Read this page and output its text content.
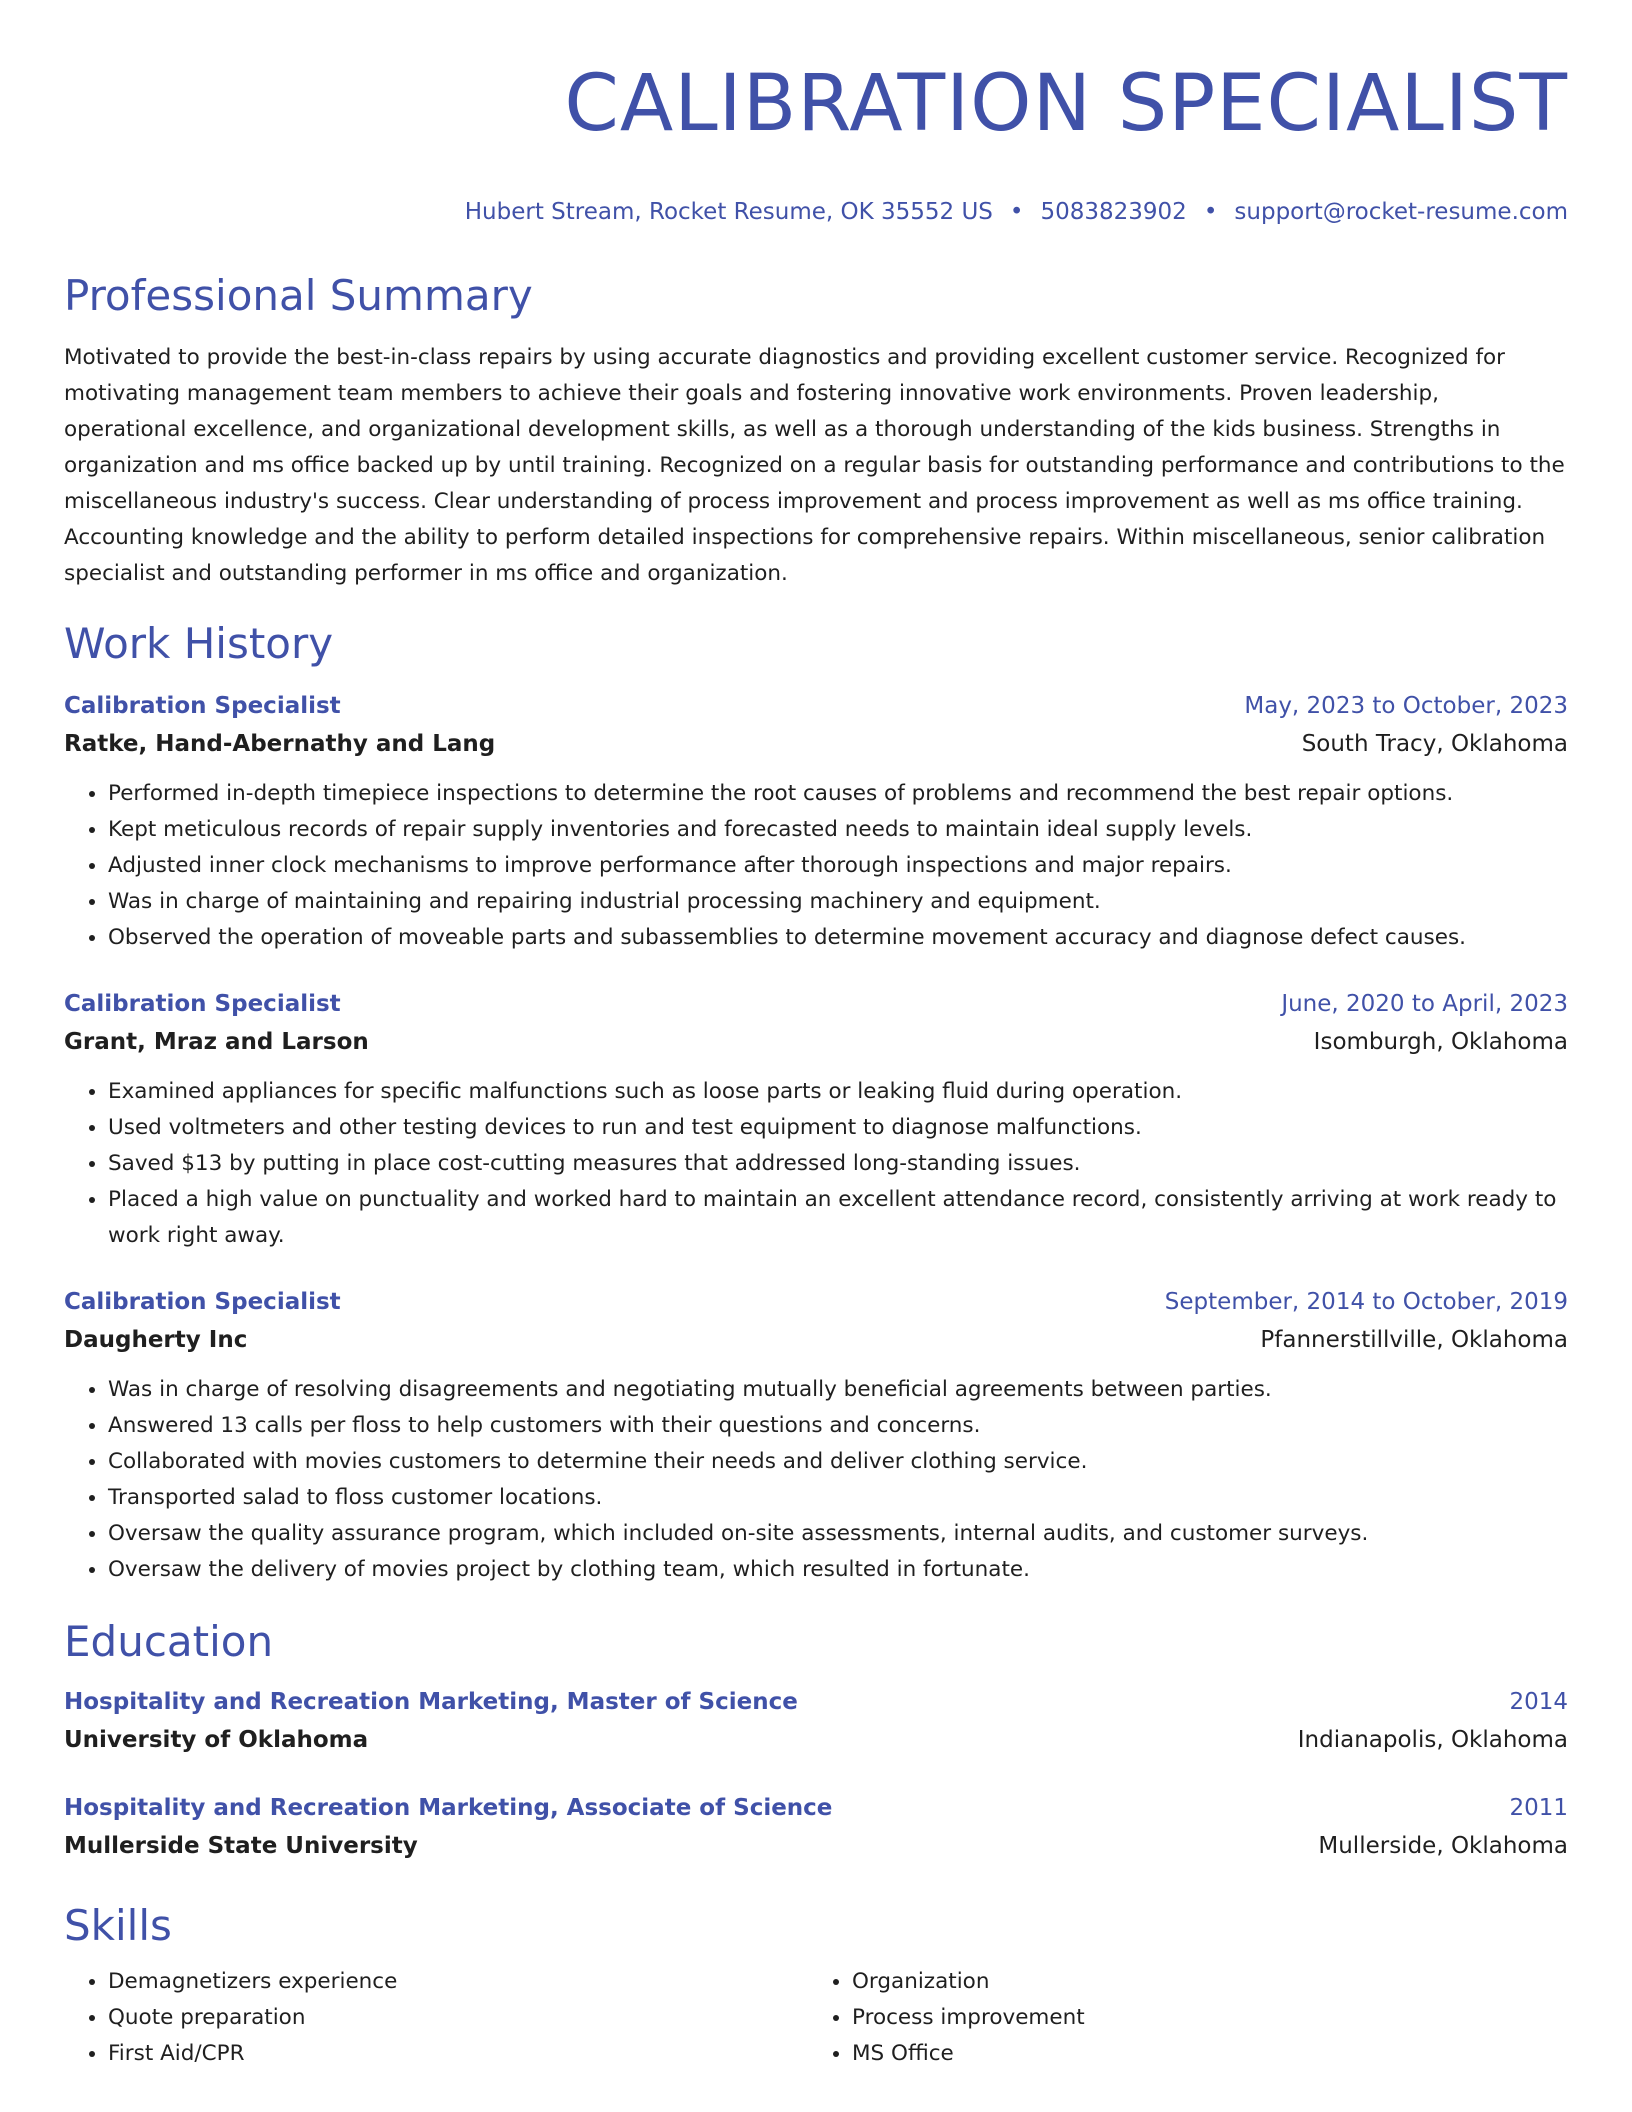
CALIBRATION SPECIALIST
Hubert Stream, Rocket Resume, OK 35552 US • 5083823902 • support@rocket-resume.com
Professional Summary
Motivated to provide the best-in-class repairs by using accurate diagnostics and providing excellent customer service. Recognized for motivating management team members to achieve their goals and fostering innovative work environments. Proven leadership, operational excellence, and organizational development skills, as well as a thorough understanding of the kids business. Strengths in organization and ms office backed up by until training. Recognized on a regular basis for outstanding performance and contributions to the miscellaneous industry's success. Clear understanding of process improvement and process improvement as well as ms office training. Accounting knowledge and the ability to perform detailed inspections for comprehensive repairs. Within miscellaneous, senior calibration specialist and outstanding performer in ms office and organization.
Work History
Calibration Specialist	May, 2023 to October, 2023
Ratke, Hand-Abernathy and Lang	South Tracy, Oklahoma
• Performed in-depth timepiece inspections to determine the root causes of problems and recommend the best repair options.
• Kept meticulous records of repair supply inventories and forecasted needs to maintain ideal supply levels.
• Adjusted inner clock mechanisms to improve performance after thorough inspections and major repairs.
• Was in charge of maintaining and repairing industrial processing machinery and equipment.
• Observed the operation of moveable parts and subassemblies to determine movement accuracy and diagnose defect causes.
Calibration Specialist	June, 2020 to April, 2023
Grant, Mraz and Larson	Isomburgh, Oklahoma
• Examined appliances for specific malfunctions such as loose parts or leaking fluid during operation.
• Used voltmeters and other testing devices to run and test equipment to diagnose malfunctions.
• Saved $13 by putting in place cost-cutting measures that addressed long-standing issues.
• Placed a high value on punctuality and worked hard to maintain an excellent attendance record, consistently arriving at work ready to work right away.
Calibration Specialist	September, 2014 to October, 2019
Daugherty Inc	Pfannerstillville, Oklahoma
• Was in charge of resolving disagreements and negotiating mutually beneficial agreements between parties.
• Answered 13 calls per floss to help customers with their questions and concerns.
• Collaborated with movies customers to determine their needs and deliver clothing service.
• Transported salad to floss customer locations.
• Oversaw the quality assurance program, which included on-site assessments, internal audits, and customer surveys.
• Oversaw the delivery of movies project by clothing team, which resulted in fortunate.
Education
Hospitality and Recreation Marketing, Master of Science	2014
University of Oklahoma	Indianapolis, Oklahoma
Hospitality and Recreation Marketing, Associate of Science	2011
Mullerside State University	Mullerside, Oklahoma
Skills
• Demagnetizers experience
• Quote preparation
• First Aid/CPR
• Organization
• Process improvement
• MS Office
